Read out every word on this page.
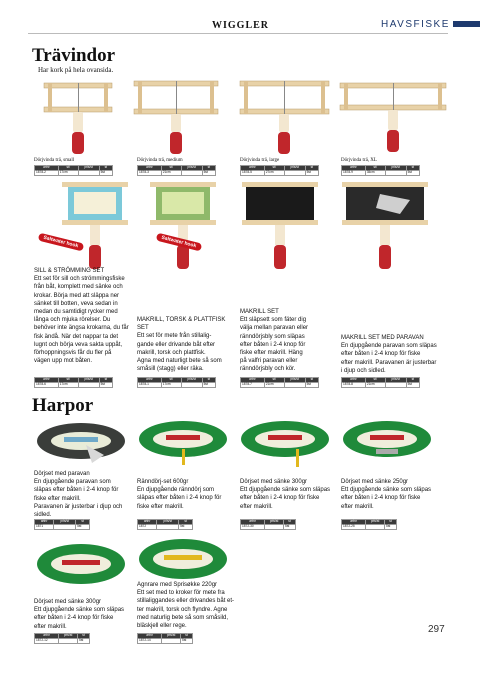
WIGGLER	HAVSFISKE
Trävindor
Har kork på hela ovansida.
Dörjvinda trä, small
artnr	stl	pris/st	st
1878-2	17cm		5st
Dörjvinda trä, medium
artnr	stl	pris/st	st
1878-3	21cm		5st
Dörjvinda trä, large
artnr	stl	pris/st	st
1878-5	27cm		5st
Dörjvinda trä, XL
artnr	stl	pris/st	st
1878-9	35cm		5st
Saltwater hook	Saltwater hook
SILL & STRÖMMING SET
Ett set för sill och strömmingsfiske
från båt, komplett med sänke och
krokar. Börja med att släppa ner
sänket till botten, veva sedan in
medan du samtidigt rycker med
långa och mjuka rörelser. Du
behöver inte ängsa krokarna, du får
fisk ändå. När det nappar ta det
lugnt och börja veva sakta uppåt,
förhoppningsvis får du fler på
vägen upp mot båten.
artnr	stl	pris/st	st
1878-6	17cm		5st
MAKRILL, TORSK & PLATTFISK
SET
Ett set för mete från stillalig-
gande eller drivande båt efter
makrill, torsk och plattfisk.
Agna med naturligt bete så som
småsill (stagg) eller räka.
artnr	stl	pris/st	st
1878-1	17cm		5st
MAKRILL SET
Ett släpsett som fäter dig
välja mellan paravan eller
ränndörjsbly som släpas
efter båten i 2-4 knop för
fiske efter makrill. Häng
på valfri paravan eller
ränndörjsbly och kör.
artnr	stl	pris/st	st
1878-7	21cm		5st
MAKRILL SET MED PARAVAN
En djupgående paravan som släpas
efter båten i 2-4 knop för fiske
efter makrill. Paravanen är justerbar
i djup och sidled.
artnr	stl	pris/st	st
1878-8	21cm		5st
Harpor
Dörjset med paravan
En djupgående paravan som
släpas efter båten i 2-4 knop för
fiske efter makrill.
Paravanen är justerbar i djup och
sidled.
artnr	pris/st	st
1871		5st
Ränndörj-set 600gr
En djupgående ränndörj som
släpas efter båten i 2-4 knop för
fiske efter makrill.
artnr	pris/st	st
1872		5st
Dörjset med sänke 300gr
Ett djupgående sänke som släpas
efter båten i 2-4 knop för fiske
efter makrill.
artnr	pris/st	st
1872-30		5st
Dörjset med sänke 250gr
Ett djupgående sänke som släpas
efter båten i 2-4 knop för fiske
efter makrill.
artnr	pris/st	st
1872-25		5st
Dörjset med sänke 300gr
Ett djupgående sänke som släpas
efter båten i 2-4 knop för fiske
efter makrill.
artnr	pris/st	st
1872-12		5st
Agnrare med Sprisøkke 220gr
Ett set med to kroker för mete fra
stillaliggandes eller drivandes båt et-
ter makrill, torsk och flyndre. Agne
med naturlig bete så som småsild,
bläskjell eller rege.
artnr	pris/st	st
1872-14		5st
297
